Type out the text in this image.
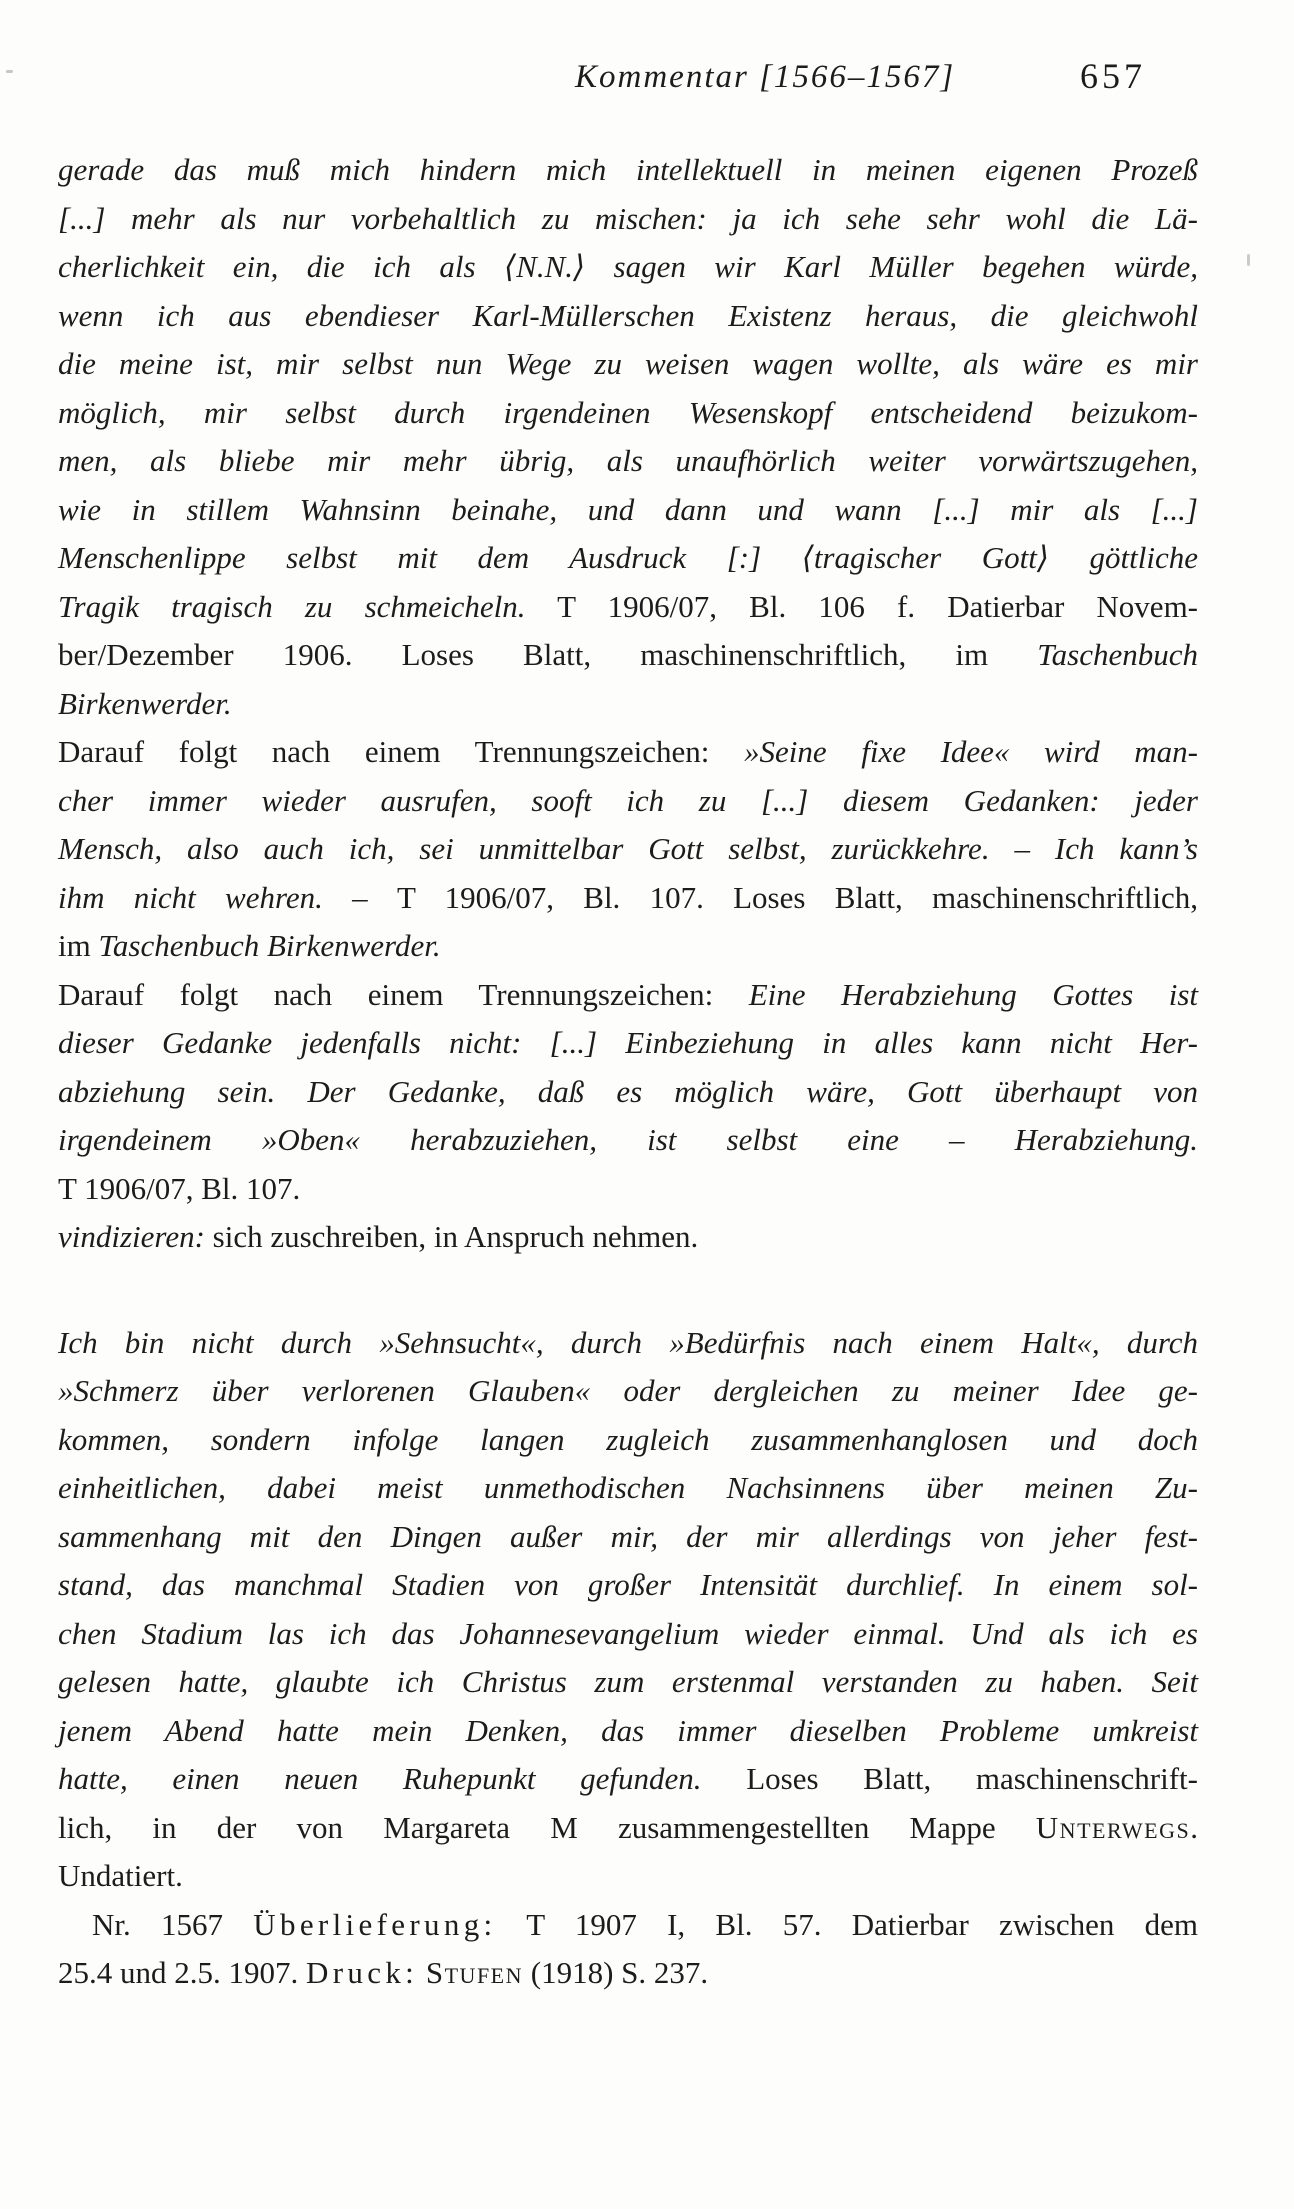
Kommentar [1566–1567]	657
gerade das muß mich hindern mich intellektuell in meinen eigenen Prozeß
[...] mehr als nur vorbehaltlich zu mischen: ja ich sehe sehr wohl die Lä-
cherlichkeit ein, die ich als ⟨N.N.⟩ sagen wir Karl Müller begehen würde,
wenn ich aus ebendieser Karl-Müllerschen Existenz heraus, die gleichwohl
die meine ist, mir selbst nun Wege zu weisen wagen wollte, als wäre es mir
möglich, mir selbst durch irgendeinen Wesenskopf entscheidend beizukom-
men, als bliebe mir mehr übrig, als unaufhörlich weiter vorwärtszugehen,
wie in stillem Wahnsinn beinahe, und dann und wann [...] mir als [...]
Menschenlippe selbst mit dem Ausdruck [:] ⟨tragischer Gott⟩ göttliche
Tragik tragisch zu schmeicheln. T 1906/07, Bl. 106 f. Datierbar Novem-
ber/Dezember 1906. Loses Blatt, maschinenschriftlich, im Taschenbuch
Birkenwerder.
Darauf folgt nach einem Trennungszeichen: »Seine fixe Idee« wird man-
cher immer wieder ausrufen, sooft ich zu [...] diesem Gedanken: jeder
Mensch, also auch ich, sei unmittelbar Gott selbst, zurückkehre. – Ich kann’s
ihm nicht wehren. – T 1906/07, Bl. 107. Loses Blatt, maschinenschriftlich,
im Taschenbuch Birkenwerder.
Darauf folgt nach einem Trennungszeichen: Eine Herabziehung Gottes ist
dieser Gedanke jedenfalls nicht: [...] Einbeziehung in alles kann nicht Her-
abziehung sein. Der Gedanke, daß es möglich wäre, Gott überhaupt von
irgendeinem »Oben« herabzuziehen, ist selbst eine – Herabziehung.
T 1906/07, Bl. 107.
vindizieren: sich zuschreiben, in Anspruch nehmen.
Ich bin nicht durch »Sehnsucht«, durch »Bedürfnis nach einem Halt«, durch
»Schmerz über verlorenen Glauben« oder dergleichen zu meiner Idee ge-
kommen, sondern infolge langen zugleich zusammenhanglosen und doch
einheitlichen, dabei meist unmethodischen Nachsinnens über meinen Zu-
sammenhang mit den Dingen außer mir, der mir allerdings von jeher fest-
stand, das manchmal Stadien von großer Intensität durchlief. In einem sol-
chen Stadium las ich das Johannesevangelium wieder einmal. Und als ich es
gelesen hatte, glaubte ich Christus zum erstenmal verstanden zu haben. Seit
jenem Abend hatte mein Denken, das immer dieselben Probleme umkreist
hatte, einen neuen Ruhepunkt gefunden. Loses Blatt, maschinenschrift-
lich, in der von Margareta M zusammengestellten Mappe Unterwegs.
Undatiert.
Nr. 1567 Überlieferung: T 1907 I, Bl. 57. Datierbar zwischen dem
25.4 und 2.5. 1907. Druck: Stufen (1918) S. 237.
